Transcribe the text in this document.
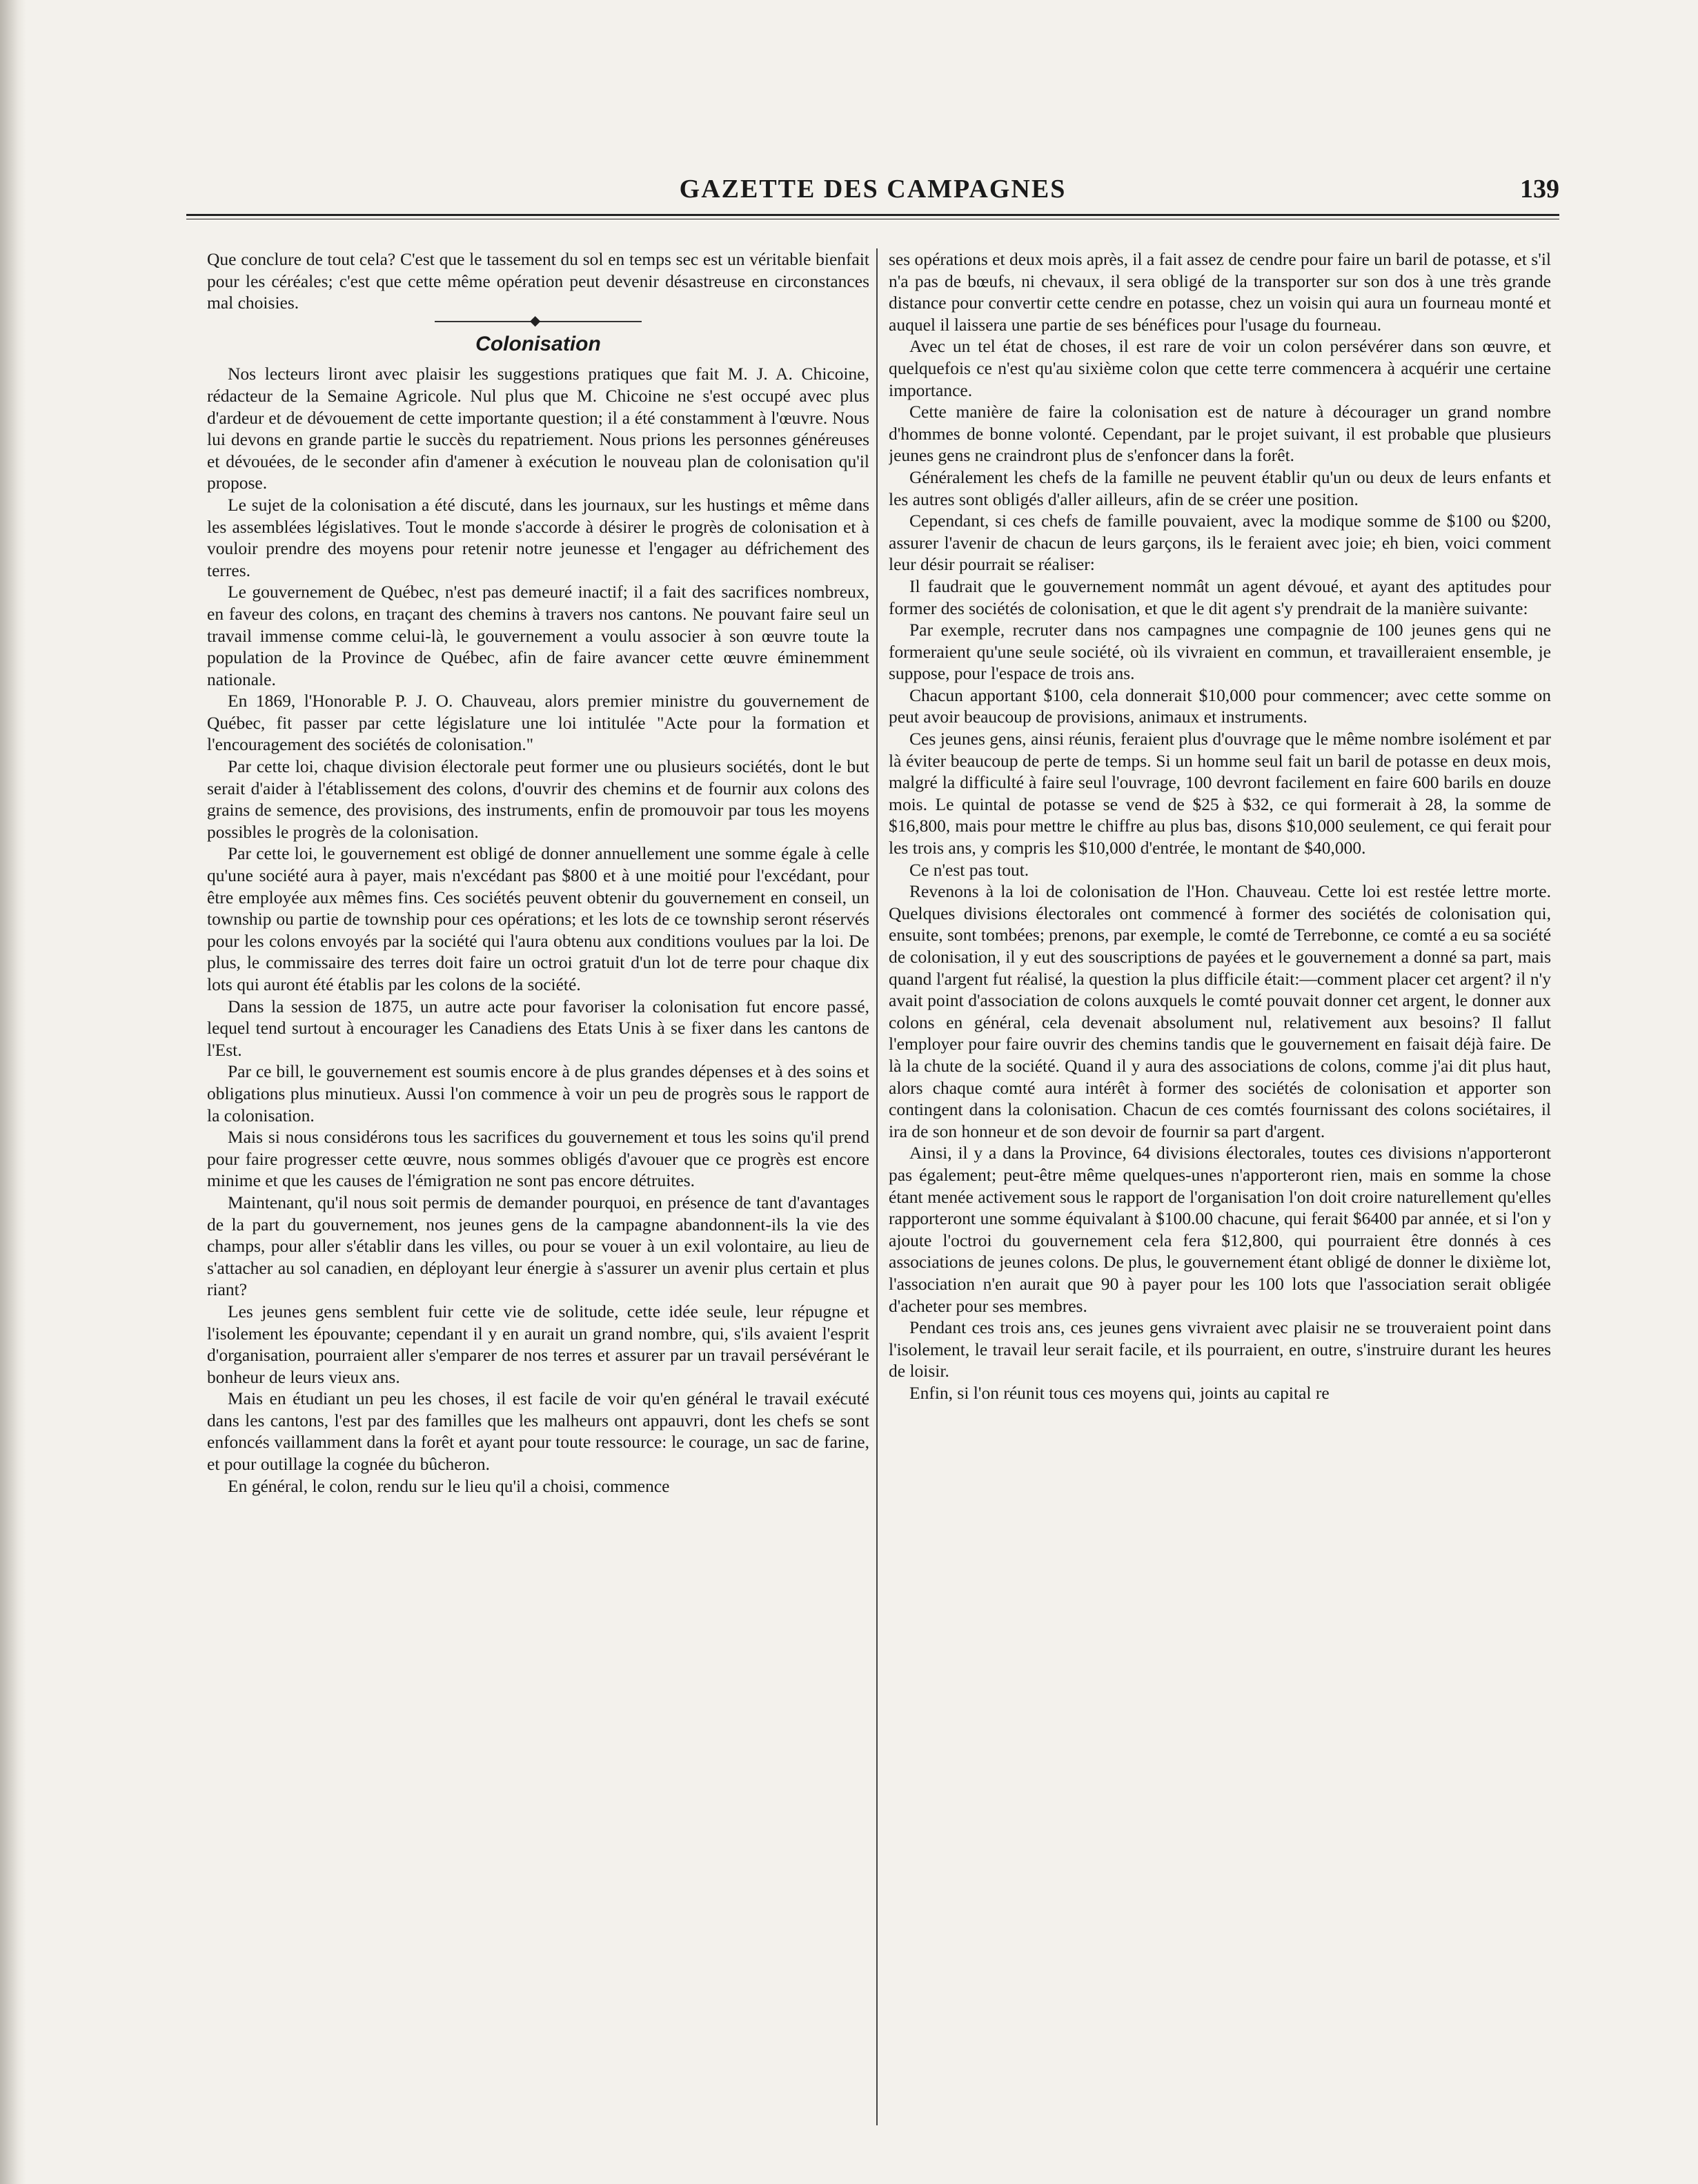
GAZETTE DES CAMPAGNES	139

Que conclure de tout cela? C'est que le tassement du sol en temps sec est un véritable bienfait pour les céréales; c'est que cette même opération peut devenir désastreuse en circonstances mal choisies.

◆
Colonisation

Nos lecteurs liront avec plaisir les suggestions pratiques que fait M. J. A. Chicoine, rédacteur de la Semaine Agricole. Nul plus que M. Chicoine ne s'est occupé avec plus d'ardeur et de dévouement de cette importante question; il a été constamment à l'œuvre. Nous lui devons en grande partie le succès du repatriement. Nous prions les personnes généreuses et dévouées, de le seconder afin d'amener à exécution le nouveau plan de colonisation qu'il propose.

Le sujet de la colonisation a été discuté, dans les journaux, sur les hustings et même dans les assemblées législatives. Tout le monde s'accorde à désirer le progrès de colonisation et à vouloir prendre des moyens pour retenir notre jeunesse et l'engager au défrichement des terres.

Le gouvernement de Québec, n'est pas demeuré inactif; il a fait des sacrifices nombreux, en faveur des colons, en traçant des chemins à travers nos cantons. Ne pouvant faire seul un travail immense comme celui-là, le gouvernement a voulu associer à son œuvre toute la population de la Province de Québec, afin de faire avancer cette œuvre éminemment nationale.

En 1869, l'Honorable P. J. O. Chauveau, alors premier ministre du gouvernement de Québec, fit passer par cette législature une loi intitulée "Acte pour la formation et l'encouragement des sociétés de colonisation."

Par cette loi, chaque division électorale peut former une ou plusieurs sociétés, dont le but serait d'aider à l'établissement des colons, d'ouvrir des chemins et de fournir aux colons des grains de semence, des provisions, des instruments, enfin de promouvoir par tous les moyens possibles le progrès de la colonisation.

Par cette loi, le gouvernement est obligé de donner annuellement une somme égale à celle qu'une société aura à payer, mais n'excédant pas $800 et à une moitié pour l'excédant, pour être employée aux mêmes fins. Ces sociétés peuvent obtenir du gouvernement en conseil, un township ou partie de township pour ces opérations; et les lots de ce township seront réservés pour les colons envoyés par la société qui l'aura obtenu aux conditions voulues par la loi. De plus, le commissaire des terres doit faire un octroi gratuit d'un lot de terre pour chaque dix lots qui auront été établis par les colons de la société.

Dans la session de 1875, un autre acte pour favoriser la colonisation fut encore passé, lequel tend surtout à encourager les Canadiens des Etats Unis à se fixer dans les cantons de l'Est.

Par ce bill, le gouvernement est soumis encore à de plus grandes dépenses et à des soins et obligations plus minutieux. Aussi l'on commence à voir un peu de progrès sous le rapport de la colonisation.

Mais si nous considérons tous les sacrifices du gouvernement et tous les soins qu'il prend pour faire progresser cette œuvre, nous sommes obligés d'avouer que ce progrès est encore minime et que les causes de l'émigration ne sont pas encore détruites.

Maintenant, qu'il nous soit permis de demander pourquoi, en présence de tant d'avantages de la part du gouvernement, nos jeunes gens de la campagne abandonnent-ils la vie des champs, pour aller s'établir dans les villes, ou pour se vouer à un exil volontaire, au lieu de s'attacher au sol canadien, en déployant leur énergie à s'assurer un avenir plus certain et plus riant?

Les jeunes gens semblent fuir cette vie de solitude, cette idée seule, leur répugne et l'isolement les épouvante; cependant il y en aurait un grand nombre, qui, s'ils avaient l'esprit d'organisation, pourraient aller s'emparer de nos terres et assurer par un travail persévérant le bonheur de leurs vieux ans.

Mais en étudiant un peu les choses, il est facile de voir qu'en général le travail exécuté dans les cantons, l'est par des familles que les malheurs ont appauvri, dont les chefs se sont enfoncés vaillamment dans la forêt et ayant pour toute ressource: le courage, un sac de farine, et pour outillage la cognée du bûcheron.

En général, le colon, rendu sur le lieu qu'il a choisi, commence

ses opérations et deux mois après, il a fait assez de cendre pour faire un baril de potasse, et s'il n'a pas de bœufs, ni chevaux, il sera obligé de la transporter sur son dos à une très grande distance pour convertir cette cendre en potasse, chez un voisin qui aura un fourneau monté et auquel il laissera une partie de ses bénéfices pour l'usage du fourneau.

Avec un tel état de choses, il est rare de voir un colon persévérer dans son œuvre, et quelquefois ce n'est qu'au sixième colon que cette terre commencera à acquérir une certaine importance.

Cette manière de faire la colonisation est de nature à décourager un grand nombre d'hommes de bonne volonté. Cependant, par le projet suivant, il est probable que plusieurs jeunes gens ne craindront plus de s'enfoncer dans la forêt.

Généralement les chefs de la famille ne peuvent établir qu'un ou deux de leurs enfants et les autres sont obligés d'aller ailleurs, afin de se créer une position.

Cependant, si ces chefs de famille pouvaient, avec la modique somme de $100 ou $200, assurer l'avenir de chacun de leurs garçons, ils le feraient avec joie; eh bien, voici comment leur désir pourrait se réaliser:

Il faudrait que le gouvernement nommât un agent dévoué, et ayant des aptitudes pour former des sociétés de colonisation, et que le dit agent s'y prendrait de la manière suivante:

Par exemple, recruter dans nos campagnes une compagnie de 100 jeunes gens qui ne formeraient qu'une seule société, où ils vivraient en commun, et travailleraient ensemble, je suppose, pour l'espace de trois ans.

Chacun apportant $100, cela donnerait $10,000 pour commencer; avec cette somme on peut avoir beaucoup de provisions, animaux et instruments.

Ces jeunes gens, ainsi réunis, feraient plus d'ouvrage que le même nombre isolément et par là éviter beaucoup de perte de temps. Si un homme seul fait un baril de potasse en deux mois, malgré la difficulté à faire seul l'ouvrage, 100 devront facilement en faire 600 barils en douze mois. Le quintal de potasse se vend de $25 à $32, ce qui formerait à 28, la somme de $16,800, mais pour mettre le chiffre au plus bas, disons $10,000 seulement, ce qui ferait pour les trois ans, y compris les $10,000 d'entrée, le montant de $40,000.

Ce n'est pas tout.

Revenons à la loi de colonisation de l'Hon. Chauveau. Cette loi est restée lettre morte. Quelques divisions électorales ont commencé à former des sociétés de colonisation qui, ensuite, sont tombées; prenons, par exemple, le comté de Terrebonne, ce comté a eu sa société de colonisation, il y eut des souscriptions de payées et le gouvernement a donné sa part, mais quand l'argent fut réalisé, la question la plus difficile était:—comment placer cet argent? il n'y avait point d'association de colons auxquels le comté pouvait donner cet argent, le donner aux colons en général, cela devenait absolument nul, relativement aux besoins? Il fallut l'employer pour faire ouvrir des chemins tandis que le gouvernement en faisait déjà faire. De là la chute de la société. Quand il y aura des associations de colons, comme j'ai dit plus haut, alors chaque comté aura intérêt à former des sociétés de colonisation et apporter son contingent dans la colonisation. Chacun de ces comtés fournissant des colons sociétaires, il ira de son honneur et de son devoir de fournir sa part d'argent.

Ainsi, il y a dans la Province, 64 divisions électorales, toutes ces divisions n'apporteront pas également; peut-être même quelques-unes n'apporteront rien, mais en somme la chose étant menée activement sous le rapport de l'organisation l'on doit croire naturellement qu'elles rapporteront une somme équivalant à $100.00 chacune, qui ferait $6400 par année, et si l'on y ajoute l'octroi du gouvernement cela fera $12,800, qui pourraient être donnés à ces associations de jeunes colons. De plus, le gouvernement étant obligé de donner le dixième lot, l'association n'en aurait que 90 à payer pour les 100 lots que l'association serait obligée d'acheter pour ses membres.

Pendant ces trois ans, ces jeunes gens vivraient avec plaisir ne se trouveraient point dans l'isolement, le travail leur serait facile, et ils pourraient, en outre, s'instruire durant les heures de loisir.

Enfin, si l'on réunit tous ces moyens qui, joints au capital re
